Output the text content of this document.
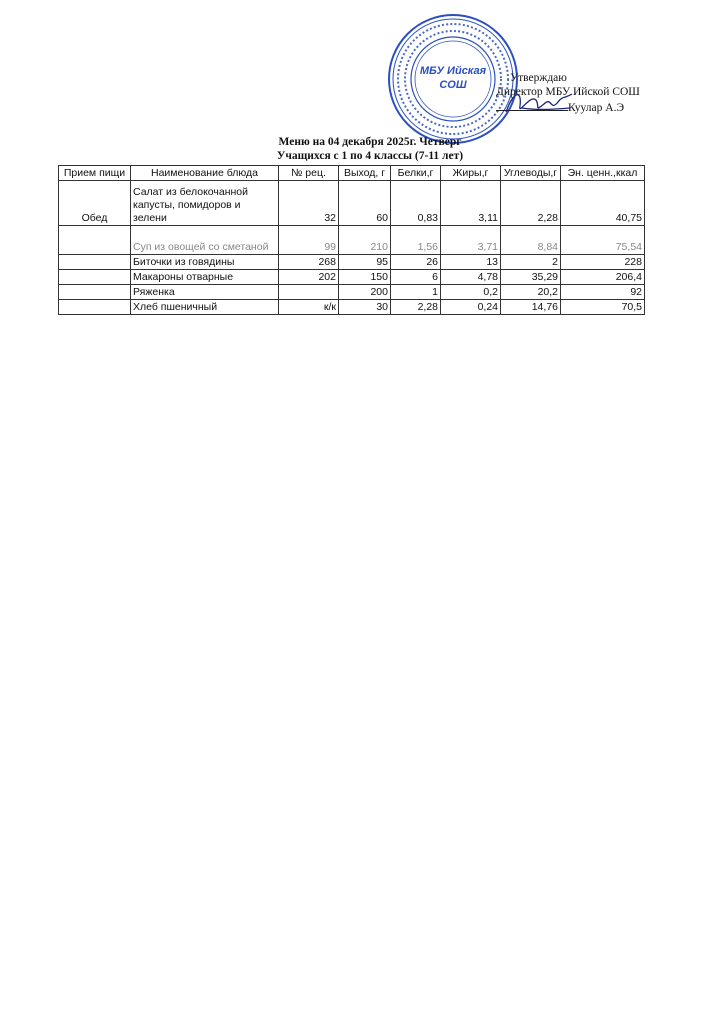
МБУ Ийская
СОШ
Утверждаю
Директор МБУ Ийской СОШ
Куулар А.Э
Меню на 04 декабря 2025г. Четверг
Учащихся с 1 по 4 классы (7-11 лет)
Прием пищи	Наименование блюда	№ рец.	Выход, г	Белки,г	Жиры,г	Углеводы,г	Эн. ценн.,ккал
Обед	Салат из белокочанной капусты, помидоров и зелени	32	60	0,83	3,11	2,28	40,75
	Суп из овощей со сметаной	99	210	1,56	3,71	8,84	75,54
	Биточки из говядины	268	95	26	13	2	228
	Макароны отварные	202	150	6	4,78	35,29	206,4
	Ряженка		200	1	0,2	20,2	92
	Хлеб пшеничный	к/к	30	2,28	0,24	14,76	70,5
